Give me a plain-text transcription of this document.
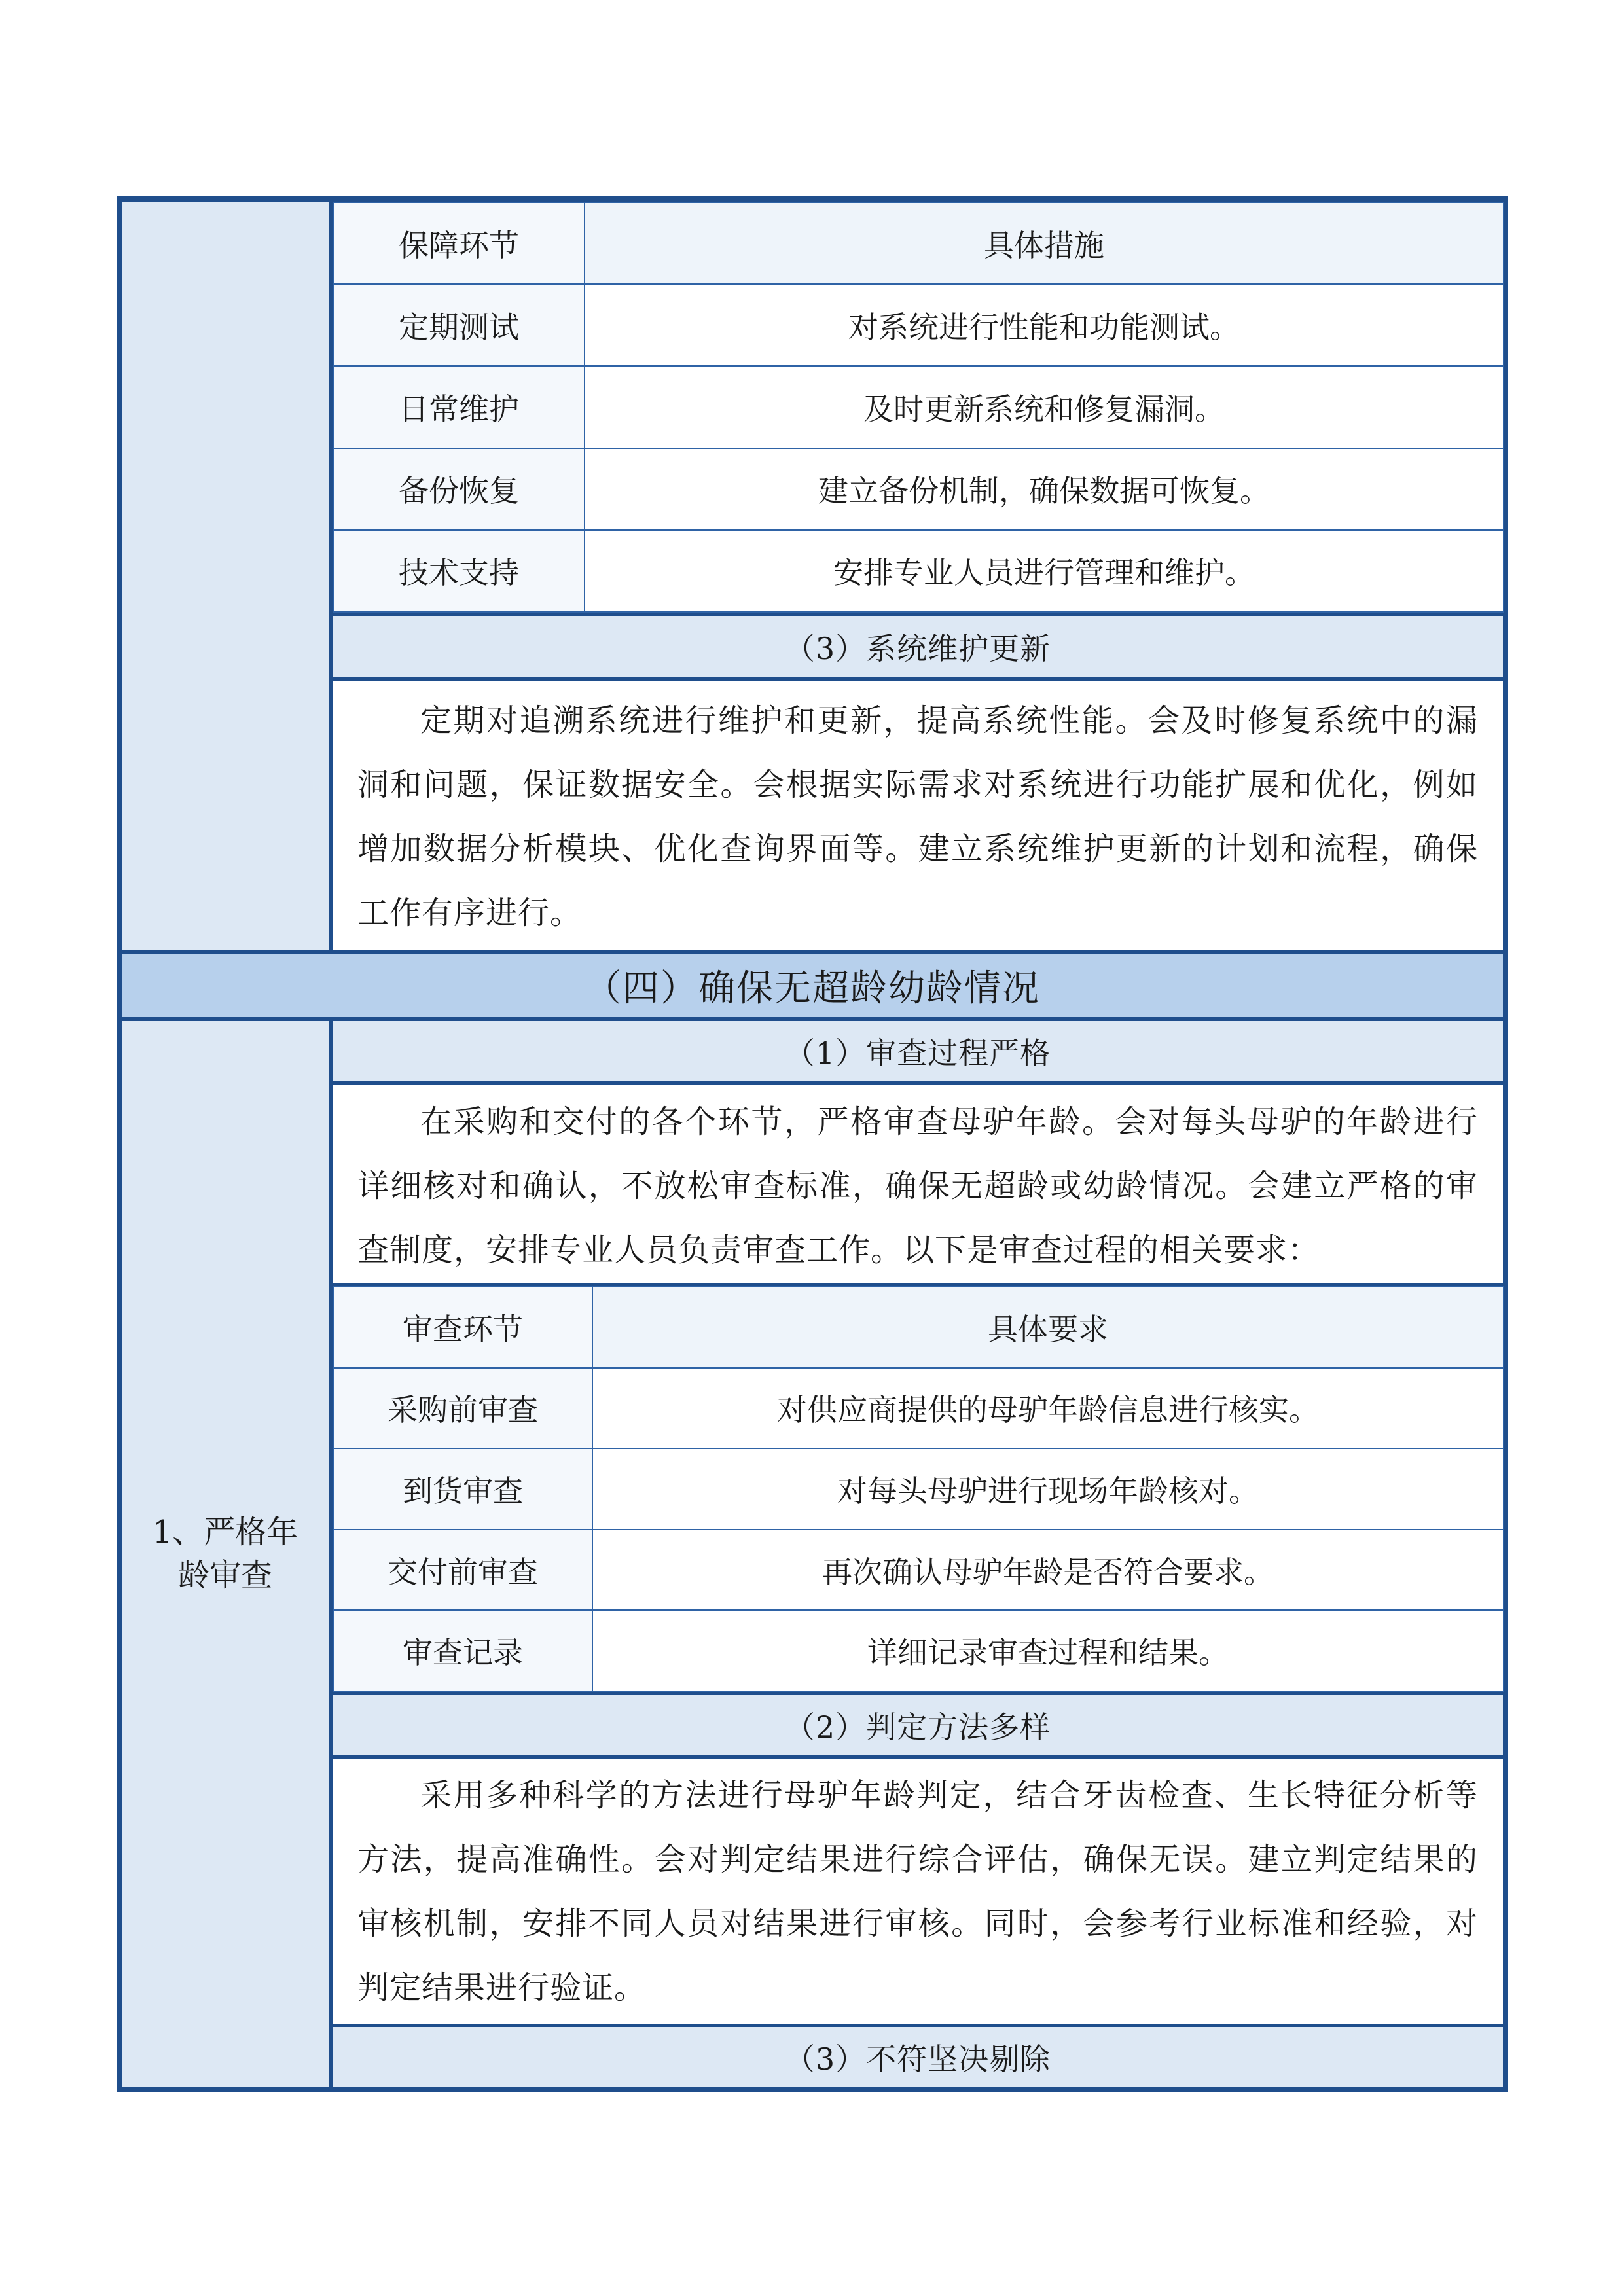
保障环节	具体措施
定期测试	对系统进行性能和功能测试。
日常维护	及时更新系统和修复漏洞。
备份恢复	建立备份机制，确保数据可恢复。
技术支持	安排专业人员进行管理和维护。
（3）系统维护更新
定期对追溯系统进行维护和更新，提高系统性能。会及时修复系统中的漏洞和问题，保证数据安全。会根据实际需求对系统进行功能扩展和优化，例如增加数据分析模块、优化查询界面等。建立系统维护更新的计划和流程，确保工作有序进行。
（四）确保无超龄幼龄情况
1、严格年龄审查
（1）审查过程严格
在采购和交付的各个环节，严格审查母驴年龄。会对每头母驴的年龄进行详细核对和确认，不放松审查标准，确保无超龄或幼龄情况。会建立严格的审查制度，安排专业人员负责审查工作。以下是审查过程的相关要求：
审查环节	具体要求
采购前审查	对供应商提供的母驴年龄信息进行核实。
到货审查	对每头母驴进行现场年龄核对。
交付前审查	再次确认母驴年龄是否符合要求。
审查记录	详细记录审查过程和结果。
（2）判定方法多样
采用多种科学的方法进行母驴年龄判定，结合牙齿检查、生长特征分析等方法，提高准确性。会对判定结果进行综合评估，确保无误。建立判定结果的审核机制，安排不同人员对结果进行审核。同时，会参考行业标准和经验，对判定结果进行验证。
（3）不符坚决剔除
